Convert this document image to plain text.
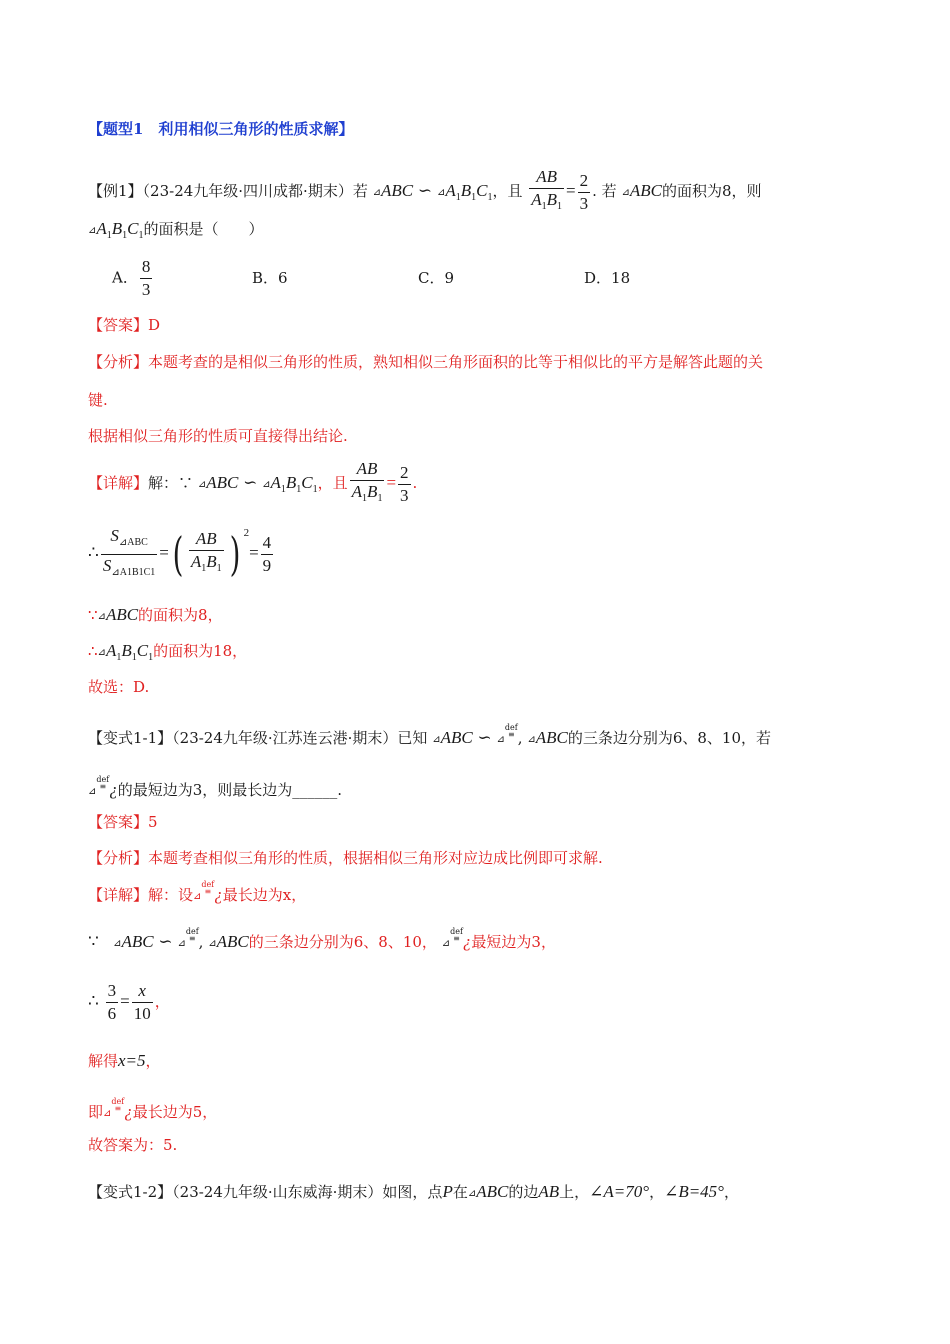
【题型1　利用相似三角形的性质求解】
【例1】（23-24九年级·四川成都·期末）若 ⊿ABC ∽ $⊿A_1B_1C_1$，且 $\frac{AB}{A_1B_1} = \frac{2}{3}$ . 若 ⊿ABC的面积为8，则
$⊿A_1B_1C_1$的面积是（　　）
A． $\frac{8}{3}$	B．6	C．9	D．18
【答案】D
【分析】本题考查的是相似三角形的性质，熟知相似三角形面积的比等于相似比的平方是解答此题的关
键.
根据相似三角形的性质可直接得出结论.
【详解】解：∵ ⊿ABC ∽ $⊿A_1B_1C_1$，且 $\frac{AB}{A_1B_1} = \frac{2}{3}$ .
∴ $\frac{S_{⊿ABC}}{S_{⊿A1B1C1}}$ =( $\frac{AB}{A_1B_1}$ ) $^2= \frac{4}{9}$
∵⊿ABC的面积为8，
$\therefore⊿A_1B_1C_1$的面积为18，
故选：D.
【变式1-1】（23-24九年级·江苏连云港·期末）已知 ⊿ABC ∽ ⊿def
≡ , ⊿ABC的三条边分别为6、8、10，若
⊿def
≡ ¿的最短边为3，则最长边为______.
【答案】5
【分析】本题考查相似三角形的性质，根据相似三角形对应边成比例即可求解.
【详解】解：设⊿def
≡ ¿最长边为x，
∵ ⊿ABC ∽ ⊿def
≡ , ⊿ABC的三条边分别为6、8、10， ⊿def
≡ ¿最短边为3，
∴ $\frac{3}{6} = \frac{x}{10}$ ，
解得x=5，
即⊿def
≡ ¿最长边为5，
故答案为：5.
【变式1-2】（23-24九年级·山东威海·期末）如图，点P在⊿ABC的边AB上，∠A=70°，∠B=45°，
